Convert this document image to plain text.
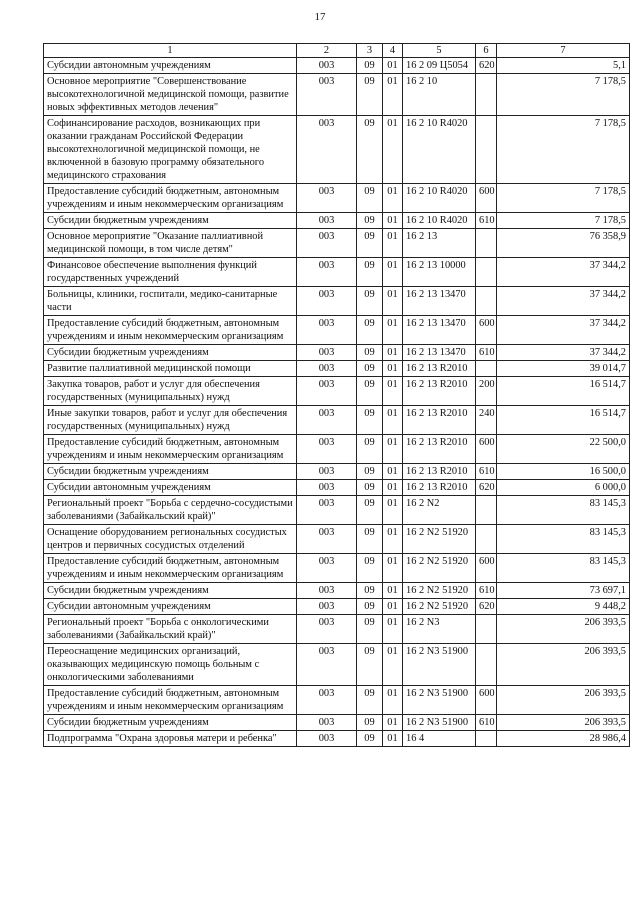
17
1	2	3	4	5	6	7
Субсидии автономным учреждениям	003	09	01	16 2 09 Ц5054	620	5,1
Основное мероприятие "Совершенствование высокотехнологичной медицинской помощи, развитие новых эффективных методов лечения"	003	09	01	16 2 10		7 178,5
Софинансирование расходов, возникающих при оказании гражданам Российской Федерации высокотехнологичной медицинской помощи, не включенной в базовую программу обязательного медицинского страхования	003	09	01	16 2 10 R4020		7 178,5
Предоставление субсидий бюджетным, автономным учреждениям и иным некоммерческим организациям	003	09	01	16 2 10 R4020	600	7 178,5
Субсидии бюджетным учреждениям	003	09	01	16 2 10 R4020	610	7 178,5
Основное мероприятие "Оказание паллиативной медицинской помощи, в том числе детям"	003	09	01	16 2 13		76 358,9
Финансовое обеспечение выполнения функций государственных учреждений	003	09	01	16 2 13 10000		37 344,2
Больницы, клиники, госпитали, медико-санитарные части	003	09	01	16 2 13 13470		37 344,2
Предоставление субсидий бюджетным, автономным учреждениям и иным некоммерческим организациям	003	09	01	16 2 13 13470	600	37 344,2
Субсидии бюджетным учреждениям	003	09	01	16 2 13 13470	610	37 344,2
Развитие паллиативной медицинской помощи	003	09	01	16 2 13 R2010		39 014,7
Закупка товаров, работ и услуг для обеспечения государственных (муниципальных) нужд	003	09	01	16 2 13 R2010	200	16 514,7
Иные закупки товаров, работ и услуг для обеспечения государственных (муниципальных) нужд	003	09	01	16 2 13 R2010	240	16 514,7
Предоставление субсидий бюджетным, автономным учреждениям и иным некоммерческим организациям	003	09	01	16 2 13 R2010	600	22 500,0
Субсидии бюджетным учреждениям	003	09	01	16 2 13 R2010	610	16 500,0
Субсидии автономным учреждениям	003	09	01	16 2 13 R2010	620	6 000,0
Региональный проект "Борьба с сердечно-сосудистыми заболеваниями (Забайкальский край)"	003	09	01	16 2 N2		83 145,3
Оснащение оборудованием региональных сосудистых центров и первичных сосудистых отделений	003	09	01	16 2 N2 51920		83 145,3
Предоставление субсидий бюджетным, автономным учреждениям и иным некоммерческим организациям	003	09	01	16 2 N2 51920	600	83 145,3
Субсидии бюджетным учреждениям	003	09	01	16 2 N2 51920	610	73 697,1
Субсидии автономным учреждениям	003	09	01	16 2 N2 51920	620	9 448,2
Региональный проект "Борьба с онкологическими заболеваниями (Забайкальский край)"	003	09	01	16 2 N3		206 393,5
Переоснащение медицинских организаций, оказывающих медицинскую помощь больным с онкологическими заболеваниями	003	09	01	16 2 N3 51900		206 393,5
Предоставление субсидий бюджетным, автономным учреждениям и иным некоммерческим организациям	003	09	01	16 2 N3 51900	600	206 393,5
Субсидии бюджетным учреждениям	003	09	01	16 2 N3 51900	610	206 393,5
Подпрограмма "Охрана здоровья матери и ребенка"	003	09	01	16 4		28 986,4
